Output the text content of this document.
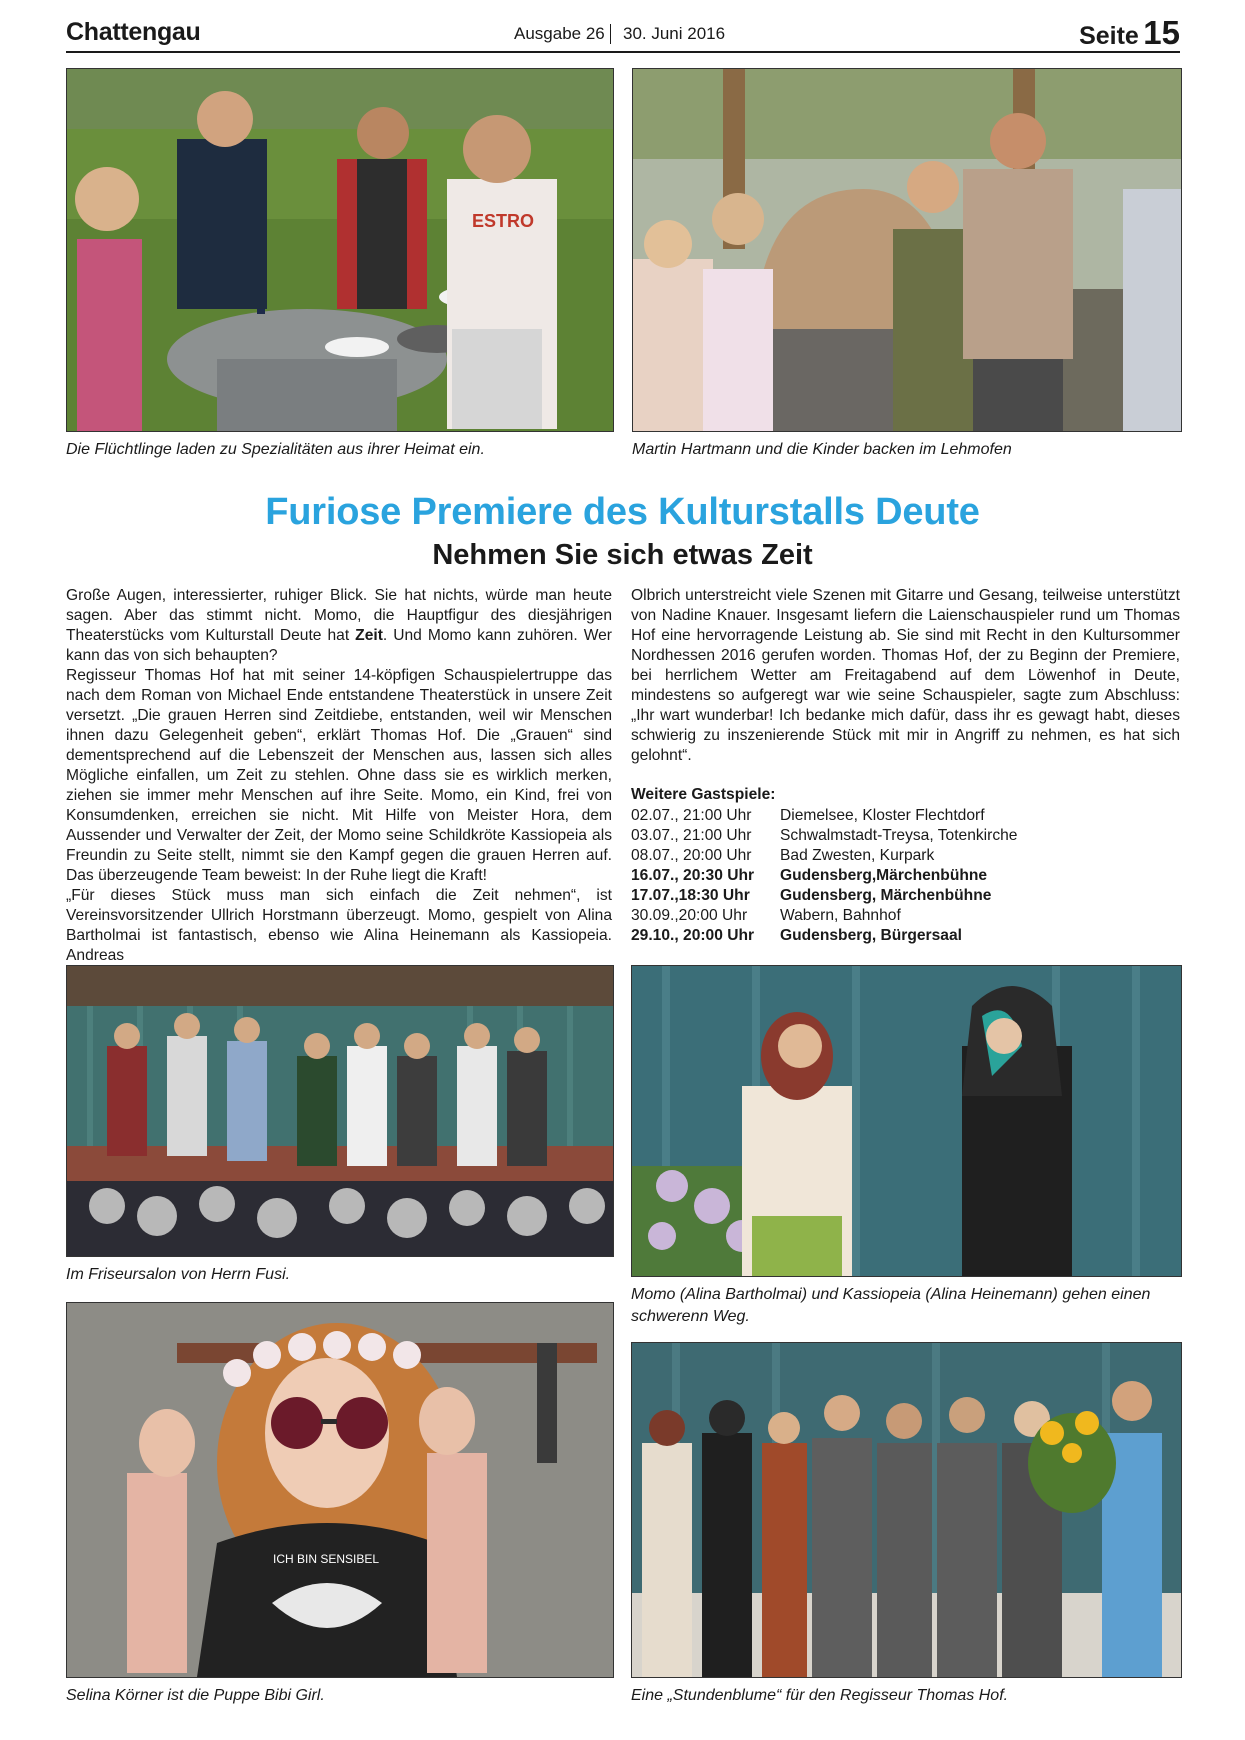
Chattengau	Ausgabe 26 30. Juni 2016	Seite 15
ESTRO
Die Flüchtlinge laden zu Spezialitäten aus ihrer Heimat ein.	Martin Hartmann und die Kinder backen im Lehmofen
Furiose Premiere des Kulturstalls Deute
Nehmen Sie sich etwas Zeit

Große Augen, interessierter, ruhiger Blick. Sie hat nichts, würde man heute sagen. Aber das stimmt nicht. Momo, die Hauptfigur des diesjährigen Theaterstücks vom Kulturstall Deute hat Zeit. Und Momo kann zuhören. Wer kann das von sich behaupten?

Regisseur Thomas Hof hat mit seiner 14-köpfigen Schauspielertruppe das nach dem Roman von Michael Ende entstandene Theaterstück in unsere Zeit versetzt. „Die grauen Herren sind Zeitdiebe, entstanden, weil wir Menschen ihnen dazu Gelegenheit geben“, erklärt Thomas Hof. Die „Grauen“ sind dementsprechend auf die Lebenszeit der Menschen aus, lassen sich alles Mögliche einfallen, um Zeit zu stehlen. Ohne dass sie es wirklich merken, ziehen sie immer mehr Menschen auf ihre Seite. Momo, ein Kind, frei von Konsumdenken, erreichen sie nicht. Mit Hilfe von Meister Hora, dem Aussender und Verwalter der Zeit, der Momo seine Schildkröte Kassiopeia als Freundin zu Seite stellt, nimmt sie den Kampf gegen die grauen Herren auf. Das überzeugende Team beweist: In der Ruhe liegt die Kraft!

„Für dieses Stück muss man sich einfach die Zeit nehmen“, ist Vereinsvorsitzender Ullrich Horstmann überzeugt. Momo, gespielt von Alina Bartholmai ist fantastisch, ebenso wie Alina Heinemann als Kassiopeia. Andreas

Olbrich unterstreicht viele Szenen mit Gitarre und Gesang, teilweise unterstützt von Nadine Knauer. Insgesamt liefern die Laienschauspieler rund um Thomas Hof eine hervorragende Leistung ab. Sie sind mit Recht in den Kultursommer Nordhessen 2016 gerufen worden. Thomas Hof, der zu Beginn der Premiere, bei herrlichem Wetter am Freitagabend auf dem Löwenhof in Deute, mindestens so aufgeregt war wie seine Schauspieler, sagte zum Abschluss: „Ihr wart wunderbar! Ich bedanke mich dafür, dass ihr es gewagt habt, dieses schwierig zu inszenierende Stück mit mir in Angriff zu nehmen, es hat sich gelohnt“.

Weitere Gastspiele:
02.07., 21:00 Uhr	Diemelsee, Kloster Flechtdorf
03.07., 21:00 Uhr	Schwalmstadt-Treysa, Totenkirche
08.07., 20:00 Uhr	Bad Zwesten, Kurpark
16.07., 20:30 Uhr	Gudensberg,Märchenbühne
17.07.,18:30 Uhr	Gudensberg, Märchenbühne
30.09.,20:00 Uhr	Wabern, Bahnhof
29.10., 20:00 Uhr	Gudensberg, Bürgersaal
Im Friseursalon von Herrn Fusi.
Momo (Alina Bartholmai) und Kassiopeia (Alina Heinemann) gehen einen
schwerenn Weg.
ICH BIN SENSIBEL
Selina Körner ist die Puppe Bibi Girl.	Eine „Stundenblume“ für den Regisseur Thomas Hof.
